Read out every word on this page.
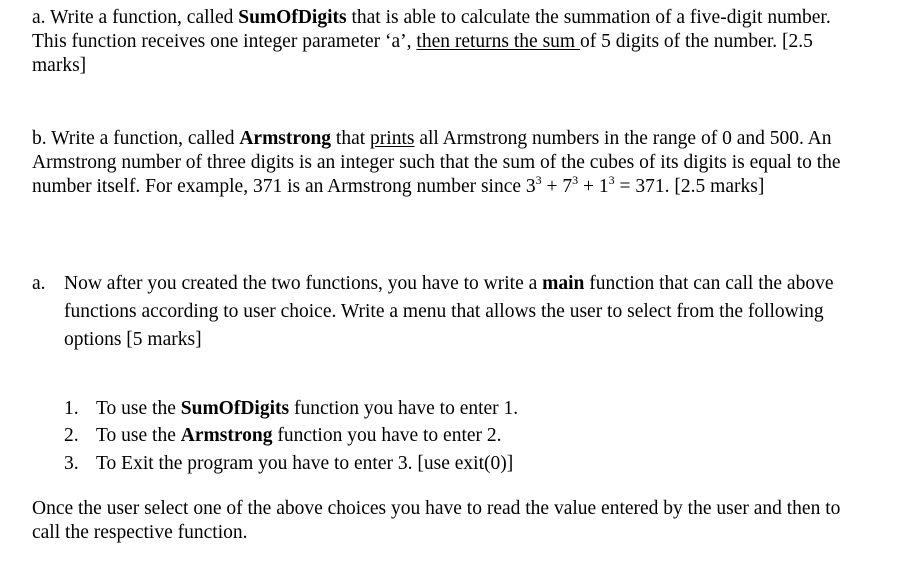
a. Write a function, called SumOfDigits that is able to calculate the summation of a five-digit number. This function receives one integer parameter ‘a’, then returns the sum of 5 digits of the number. [2.5 marks]

b. Write a function, called Armstrong that prints all Armstrong numbers in the range of 0 and 500. An Armstrong number of three digits is an integer such that the sum of the cubes of its digits is equal to the number itself. For example, 371 is an Armstrong number since $3^3 + 7^3 + 1^3 = 371$. [2.5 marks]

a. Now after you created the two functions, you have to write a main function that can call the above functions according to user choice. Write a menu that allows the user to select from the following options [5 marks]

1. To use the SumOfDigits function you have to enter 1.
2. To use the Armstrong function you have to enter 2.
3. To Exit the program you have to enter 3. [use exit(0)]

Once the user select one of the above choices you have to read the value entered by the user and then to call the respective function.
